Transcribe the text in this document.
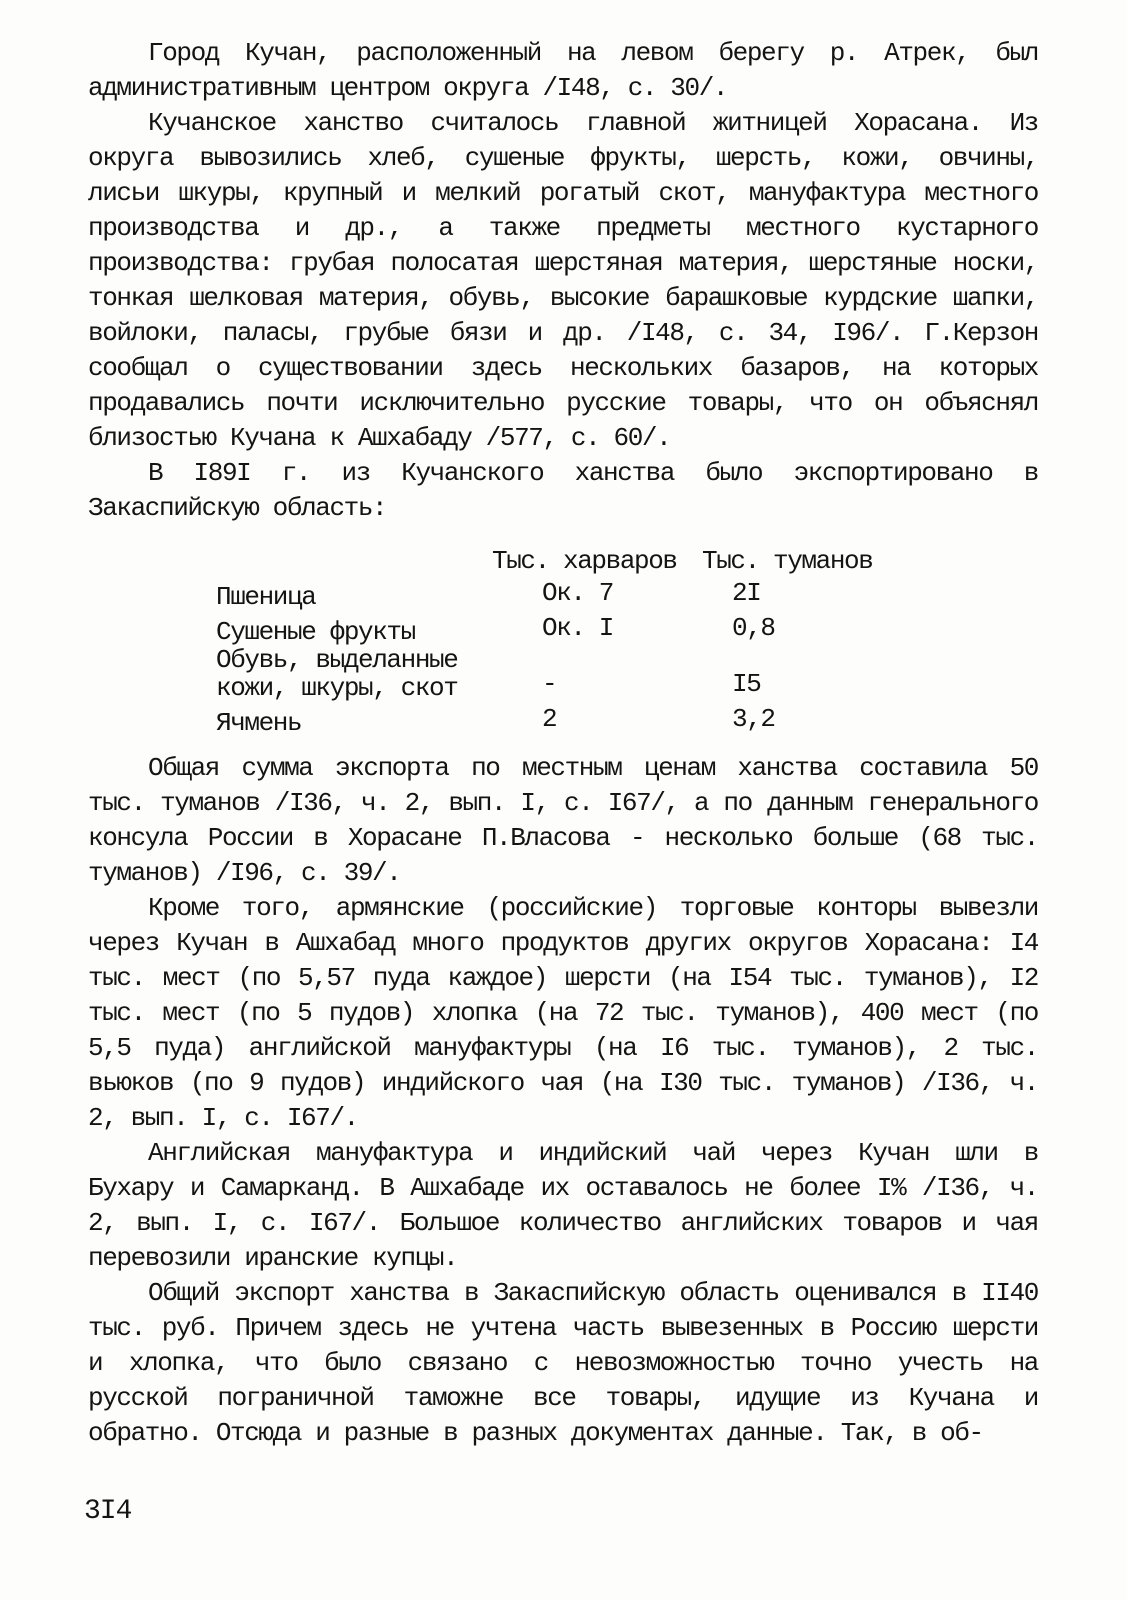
Город Кучан, расположенный на левом берегу р. Атрек, был административным центром округа /I48, с. 30/.

Кучанское ханство считалось главной житницей Хорасана. Из округа вывозились хлеб, сушеные фрукты, шерсть, кожи, овчины, лисьи шкуры, крупный и мелкий рогатый скот, мануфактура местного производства и др., а также предметы местного кустарного производства: грубая полосатая шерстяная материя, шерстяные носки, тонкая шелковая материя, обувь, высокие барашковые курдские шапки, войлоки, паласы, грубые бязи и др. /I48, с. 34, I96/. Г.Керзон сообщал о существовании здесь нескольких базаров, на которых продавались почти исключительно русские товары, что он объяснял близостью Кучана к Ашхабаду /577, с. 60/.

В I89I г. из Кучанского ханства было экспортировано в Закаспийскую область:

	Тыс. харваров	Тыс. туманов
Пшеница	Ок. 7	2I
Сушеные фрукты	Ок. I	0,8
Обувь, выделанные кожи, шкуры, скот	-	I5
Ячмень	2	3,2

Общая сумма экспорта по местным ценам ханства составила 50 тыс. туманов /I36, ч. 2, вып. I, с. I67/, а по данным генерального консула России в Хорасане П.Власова - несколько больше (68 тыс. туманов) /I96, с. 39/.

Кроме того, армянские (российские) торговые конторы вывезли через Кучан в Ашхабад много продуктов других округов Хорасана: I4 тыс. мест (по 5,57 пуда каждое) шерсти (на I54 тыс. туманов), I2 тыс. мест (по 5 пудов) хлопка (на 72 тыс. туманов), 400 мест (по 5,5 пуда) английской мануфактуры (на I6 тыс. туманов), 2 тыс. вьюков (по 9 пудов) индийского чая (на I30 тыс. туманов) /I36, ч. 2, вып. I, с. I67/.

Английская мануфактура и индийский чай через Кучан шли в Бухару и Самарканд. В Ашхабаде их оставалось не более I% /I36, ч. 2, вып. I, с. I67/. Большое количество английских товаров и чая перевозили иранские купцы.

Общий экспорт ханства в Закаспийскую область оценивался в II40 тыс. руб. Причем здесь не учтена часть вывезенных в Россию шерсти и хлопка, что было связано с невозможностью точно учесть на русской пограничной таможне все товары, идущие из Кучана и обратно. Отсюда и разные в разных документах данные. Так, в об-

3I4
